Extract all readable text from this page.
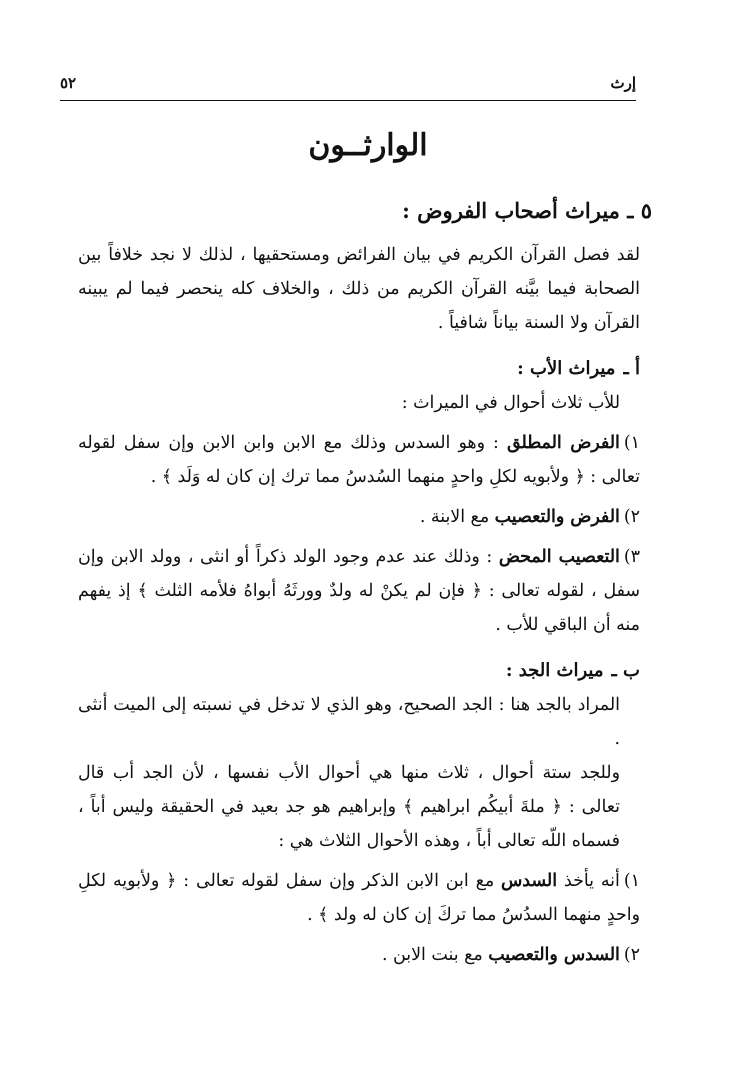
إرث
٥٢
الوارثــون
٥ ـ ميراث أصحاب الفروض :

لقد فصل القرآن الكريم في بيان الفرائض ومستحقيها ، لذلك لا نجد خلافاً بين الصحابة فيما بيَّنه القرآن الكريم من ذلك ، والخلاف كله ينحصر فيما لم يبينه القرآن ولا السنة بياناً شافياً .

أ ـميراث الأب :

للأب ثلاث أحوال في الميراث :

١)الفرض المطلق : وهو السدس وذلك مع الابن وابن الابن وإن سفل لقوله تعالى : ﴿ ولأبويه لكلِ واحدٍ منهما السُدسُ مما ترك إن كان له وَلَد ﴾ .

٢)الفرض والتعصيب مع الابنة .

٣)التعصيب المحض : وذلك عند عدم وجود الولد ذكراً أو انثى ، وولد الابن وإن سفل ، لقوله تعالى : ﴿ فإن لم يكنْ له ولدٌ وورثَهُ أبواهُ فلأمه الثلث ﴾ إذ يفهم منه أن الباقي للأب .

ب ـميراث الجد :

المراد بالجد هنا : الجد الصحيح، وهو الذي لا تدخل في نسبته إلى الميت أنثى .

وللجد ستة أحوال ، ثلاث منها هي أحوال الأب نفسها ، لأن الجد أب قال تعالى : ﴿ ملةَ أبيكُم ابراهيم ﴾ وإبراهيم هو جد بعيد في الحقيقة وليس أباً ، فسماه اللّه تعالى أباً ، وهذه الأحوال الثلاث هي :

١)أنه يأخذ السدس مع ابن الابن الذكر وإن سفل لقوله تعالى : ﴿ ولأبويه لكلِ واحدٍ منهما السدُسُ مما تركَ إن كان له ولد ﴾ .

٢)السدس والتعصيب مع بنت الابن .
